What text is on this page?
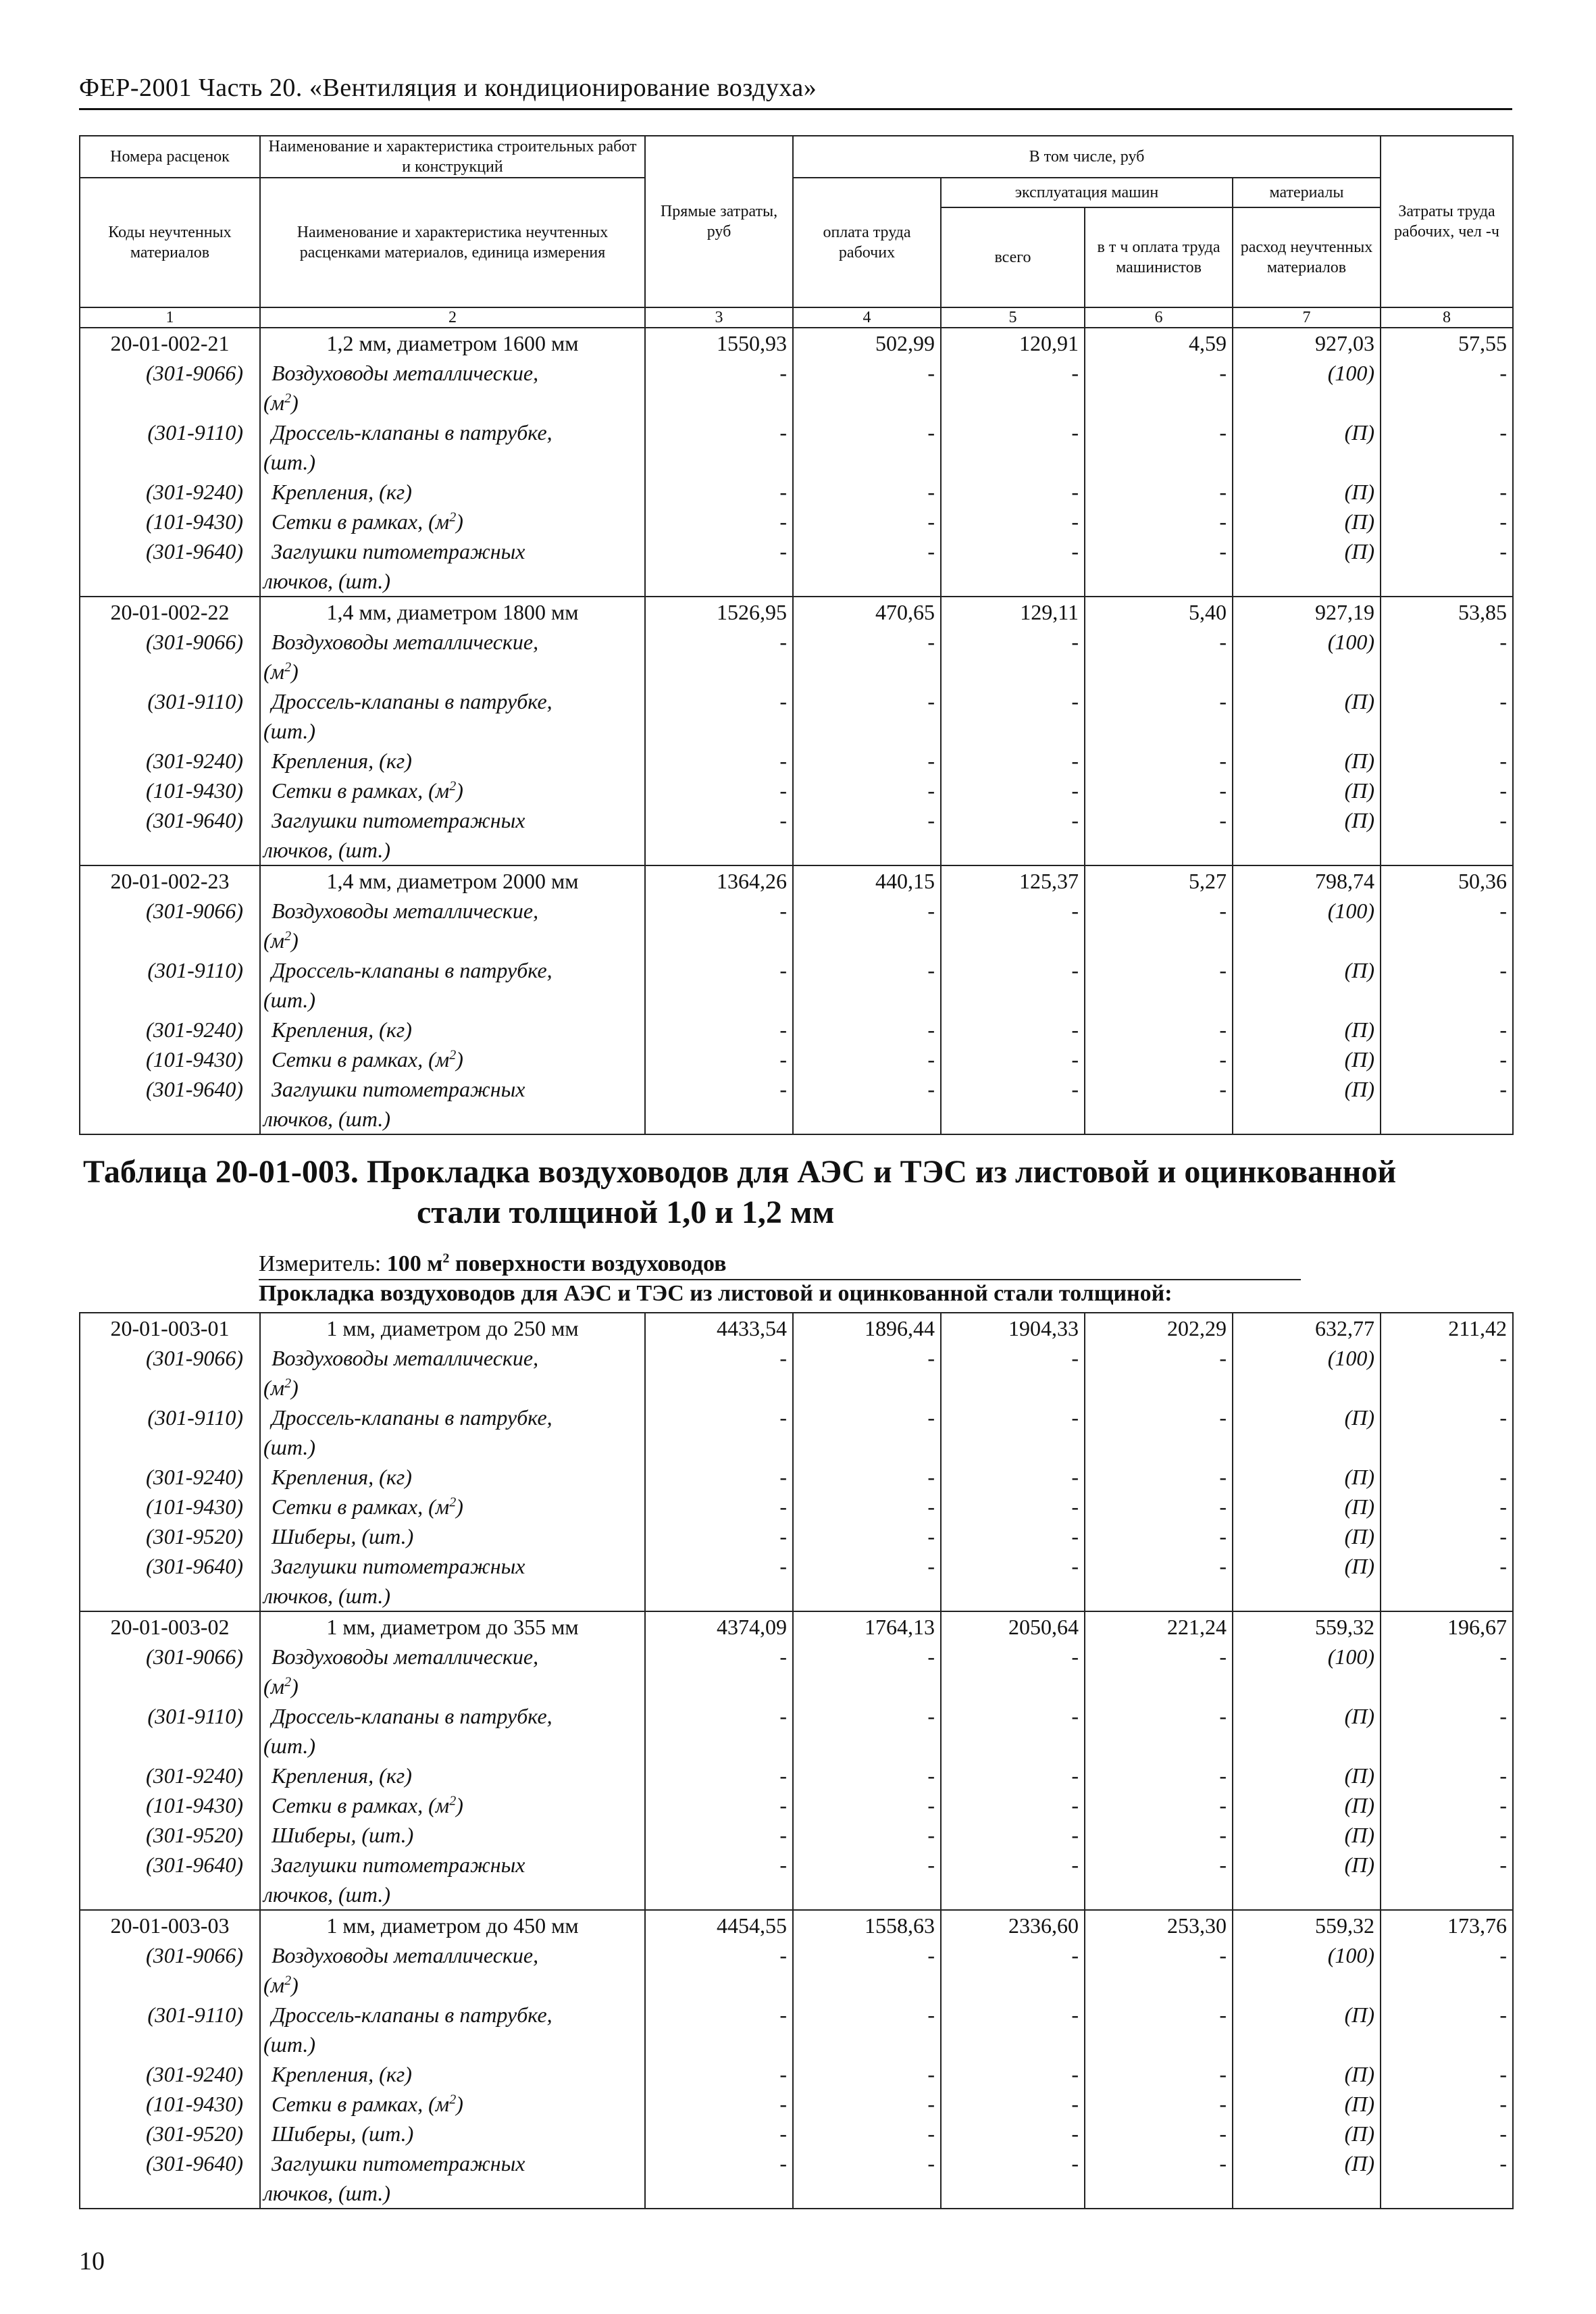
ФЕР-2001 Часть 20. «Вентиляция и кондиционирование воздуха»
Номера расценок	Наименование и характеристика строительных работ и конструкций	Прямые затраты, руб	В том числе, руб				Затраты труда рабочих, чел -ч
Коды неучтенных материалов	Наименование и характеристика неучтенных расценками материалов, единица измерения		оплата труда рабочих	эксплуатация машин		материалы	
				всего	в т ч оплата труда машинистов	расход неучтенных материалов	
1	2	3	4	5	6	7	8
20-01-002-21	1,2 мм, диаметром 1600 мм	1550,93	502,99	120,91	4,59	927,03	57,55
(301-9066)	Воздуховоды металлические,
$(м^2)$	-	-	-	-	(100)	-
(301-9110)	Дроссель-клапаны в патрубке,
(шт.)	-	-	-	-	(П)	-
(301-9240)	Крепления, (кг)	-	-	-	-	(П)	-
(101-9430)	Сетки в рамках, $(м^2)$	-	-	-	-	(П)	-
(301-9640)	Заглушки питометражных
лючков, (шт.)	-	-	-	-	(П)	-
20-01-002-22	1,4 мм, диаметром 1800 мм	1526,95	470,65	129,11	5,40	927,19	53,85
(301-9066)	Воздуховоды металлические,
$(м^2)$	-	-	-	-	(100)	-
(301-9110)	Дроссель-клапаны в патрубке,
(шт.)	-	-	-	-	(П)	-
(301-9240)	Крепления, (кг)	-	-	-	-	(П)	-
(101-9430)	Сетки в рамках, $(м^2)$	-	-	-	-	(П)	-
(301-9640)	Заглушки питометражных
лючков, (шт.)	-	-	-	-	(П)	-
20-01-002-23	1,4 мм, диаметром 2000 мм	1364,26	440,15	125,37	5,27	798,74	50,36
(301-9066)	Воздуховоды металлические,
$(м^2)$	-	-	-	-	(100)	-
(301-9110)	Дроссель-клапаны в патрубке,
(шт.)	-	-	-	-	(П)	-
(301-9240)	Крепления, (кг)	-	-	-	-	(П)	-
(101-9430)	Сетки в рамках, $(м^2)$	-	-	-	-	(П)	-
(301-9640)	Заглушки питометражных
лючков, (шт.)	-	-	-	-	(П)	-
Таблица 20-01-003. Прокладка воздуховодов для АЭС и ТЭС из листовой и оцинкованной
стали толщиной 1,0 и 1,2 мм
Измеритель: 100 $м^2$ поверхности воздуховодов
Прокладка воздуховодов для АЭС и ТЭС из листовой и оцинкованной стали толщиной:
20-01-003-01	1 мм, диаметром до 250 мм	4433,54	1896,44	1904,33	202,29	632,77	211,42
(301-9066)	Воздуховоды металлические,
$(м^2)$	-	-	-	-	(100)	-
(301-9110)	Дроссель-клапаны в патрубке,
(шт.)	-	-	-	-	(П)	-
(301-9240)	Крепления, (кг)	-	-	-	-	(П)	-
(101-9430)	Сетки в рамках, $(м^2)$	-	-	-	-	(П)	-
(301-9520)	Шиберы, (шт.)	-	-	-	-	(П)	-
(301-9640)	Заглушки питометражных
лючков, (шт.)	-	-	-	-	(П)	-
20-01-003-02	1 мм, диаметром до 355 мм	4374,09	1764,13	2050,64	221,24	559,32	196,67
(301-9066)	Воздуховоды металлические,
$(м^2)$	-	-	-	-	(100)	-
(301-9110)	Дроссель-клапаны в патрубке,
(шт.)	-	-	-	-	(П)	-
(301-9240)	Крепления, (кг)	-	-	-	-	(П)	-
(101-9430)	Сетки в рамках, $(м^2)$	-	-	-	-	(П)	-
(301-9520)	Шиберы, (шт.)	-	-	-	-	(П)	-
(301-9640)	Заглушки питометражных
лючков, (шт.)	-	-	-	-	(П)	-
20-01-003-03	1 мм, диаметром до 450 мм	4454,55	1558,63	2336,60	253,30	559,32	173,76
(301-9066)	Воздуховоды металлические,
$(м^2)$	-	-	-	-	(100)	-
(301-9110)	Дроссель-клапаны в патрубке,
(шт.)	-	-	-	-	(П)	-
(301-9240)	Крепления, (кг)	-	-	-	-	(П)	-
(101-9430)	Сетки в рамках, $(м^2)$	-	-	-	-	(П)	-
(301-9520)	Шиберы, (шт.)	-	-	-	-	(П)	-
(301-9640)	Заглушки питометражных
лючков, (шт.)	-	-	-	-	(П)	-
10
